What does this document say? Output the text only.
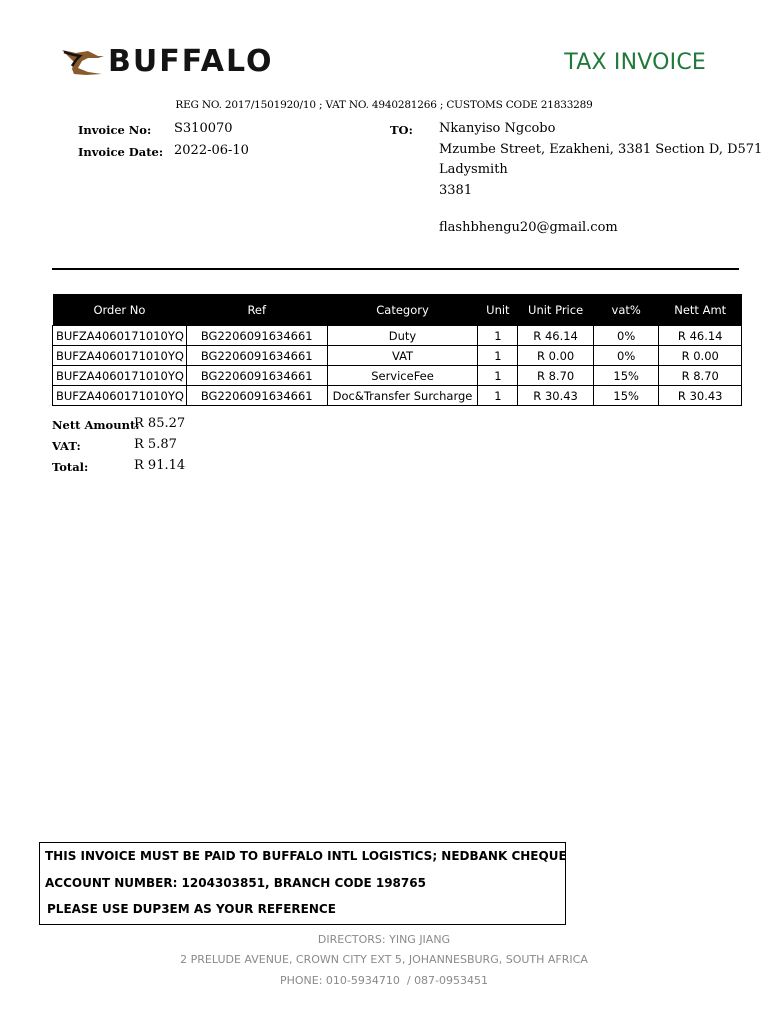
BUFFALO	TAX INVOICE
REG NO. 2017/1501920/10 ; VAT NO. 4940281266 ; CUSTOMS CODE 21833289
Invoice No: S310070
Invoice Date: 2022-06-10
TO: Nkanyiso Ngcobo
Mzumbe Street, Ezakheni, 3381 Section D, D571
Ladysmith
3381
flashbhengu20@gmail.com
Order No	Ref	Category	Unit	Unit Price	vat%	Nett Amt
BUFZA4060171010YQ	BG2206091634661	Duty	1	R 46.14	0%	R 46.14
BUFZA4060171010YQ	BG2206091634661	VAT	1	R 0.00	0%	R 0.00
BUFZA4060171010YQ	BG2206091634661	ServiceFee	1	R 8.70	15%	R 8.70
BUFZA4060171010YQ	BG2206091634661	Doc&Transfer Surcharge	1	R 30.43	15%	R 30.43
Nett Amount:
R 85.27
VAT:	R 5.87
Total:	R 91.14
THIS INVOICE MUST BE PAID TO BUFFALO INTL LOGISTICS; NEDBANK CHEQUE
ACCOUNT NUMBER: 1204303851, BRANCH CODE 198765
PLEASE USE DUP3EM AS YOUR REFERENCE
DIRECTORS: YING JIANG
2 PRELUDE AVENUE, CROWN CITY EXT 5, JOHANNESBURG, SOUTH AFRICA
PHONE: 010-5934710  / 087-0953451
